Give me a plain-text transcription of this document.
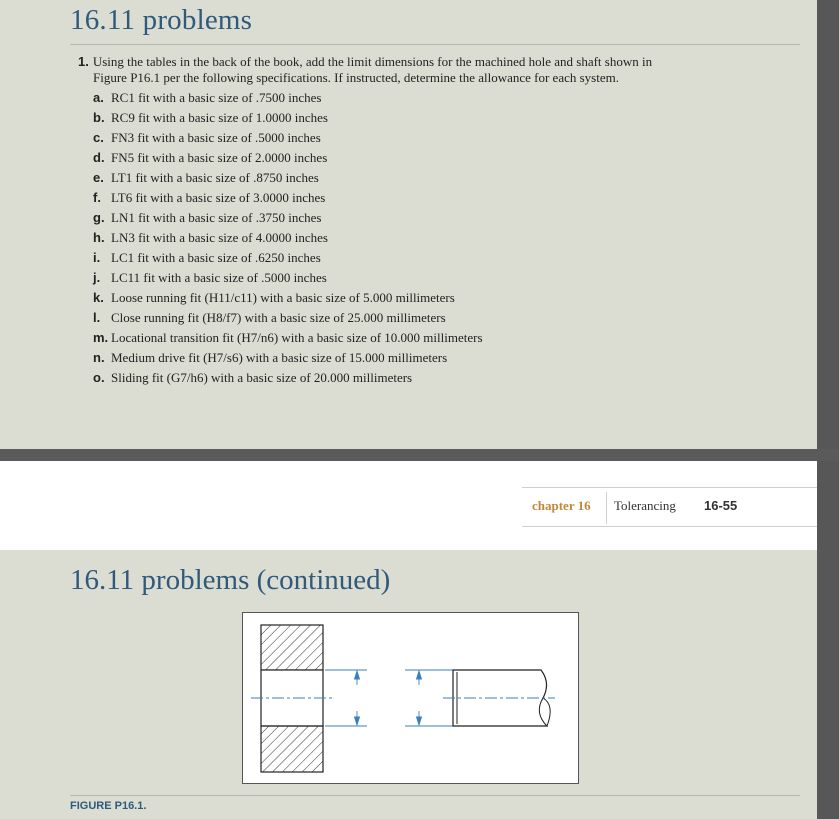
16.11 problems
1. Using the tables in the back of the book, add the limit dimensions for the machined hole and shaft shown in
Figure P16.1 per the following specifications. If instructed, determine the allowance for each system.
a. RC1 fit with a basic size of .7500 inches
b. RC9 fit with a basic size of 1.0000 inches
c. FN3 fit with a basic size of .5000 inches
d. FN5 fit with a basic size of 2.0000 inches
e. LT1 fit with a basic size of .8750 inches
f. LT6 fit with a basic size of 3.0000 inches
g. LN1 fit with a basic size of .3750 inches
h. LN3 fit with a basic size of 4.0000 inches
i. LC1 fit with a basic size of .6250 inches
j. LC11 fit with a basic size of .5000 inches
k. Loose running fit (H11/c11) with a basic size of 5.000 millimeters
l. Close running fit (H8/f7) with a basic size of 25.000 millimeters
m. Locational transition fit (H7/n6) with a basic size of 10.000 millimeters
n. Medium drive fit (H7/s6) with a basic size of 15.000 millimeters
o. Sliding fit (G7/h6) with a basic size of 20.000 millimeters
chapter 16 Tolerancing 16-55
16.11 problems (continued)
FIGURE P16.1.
